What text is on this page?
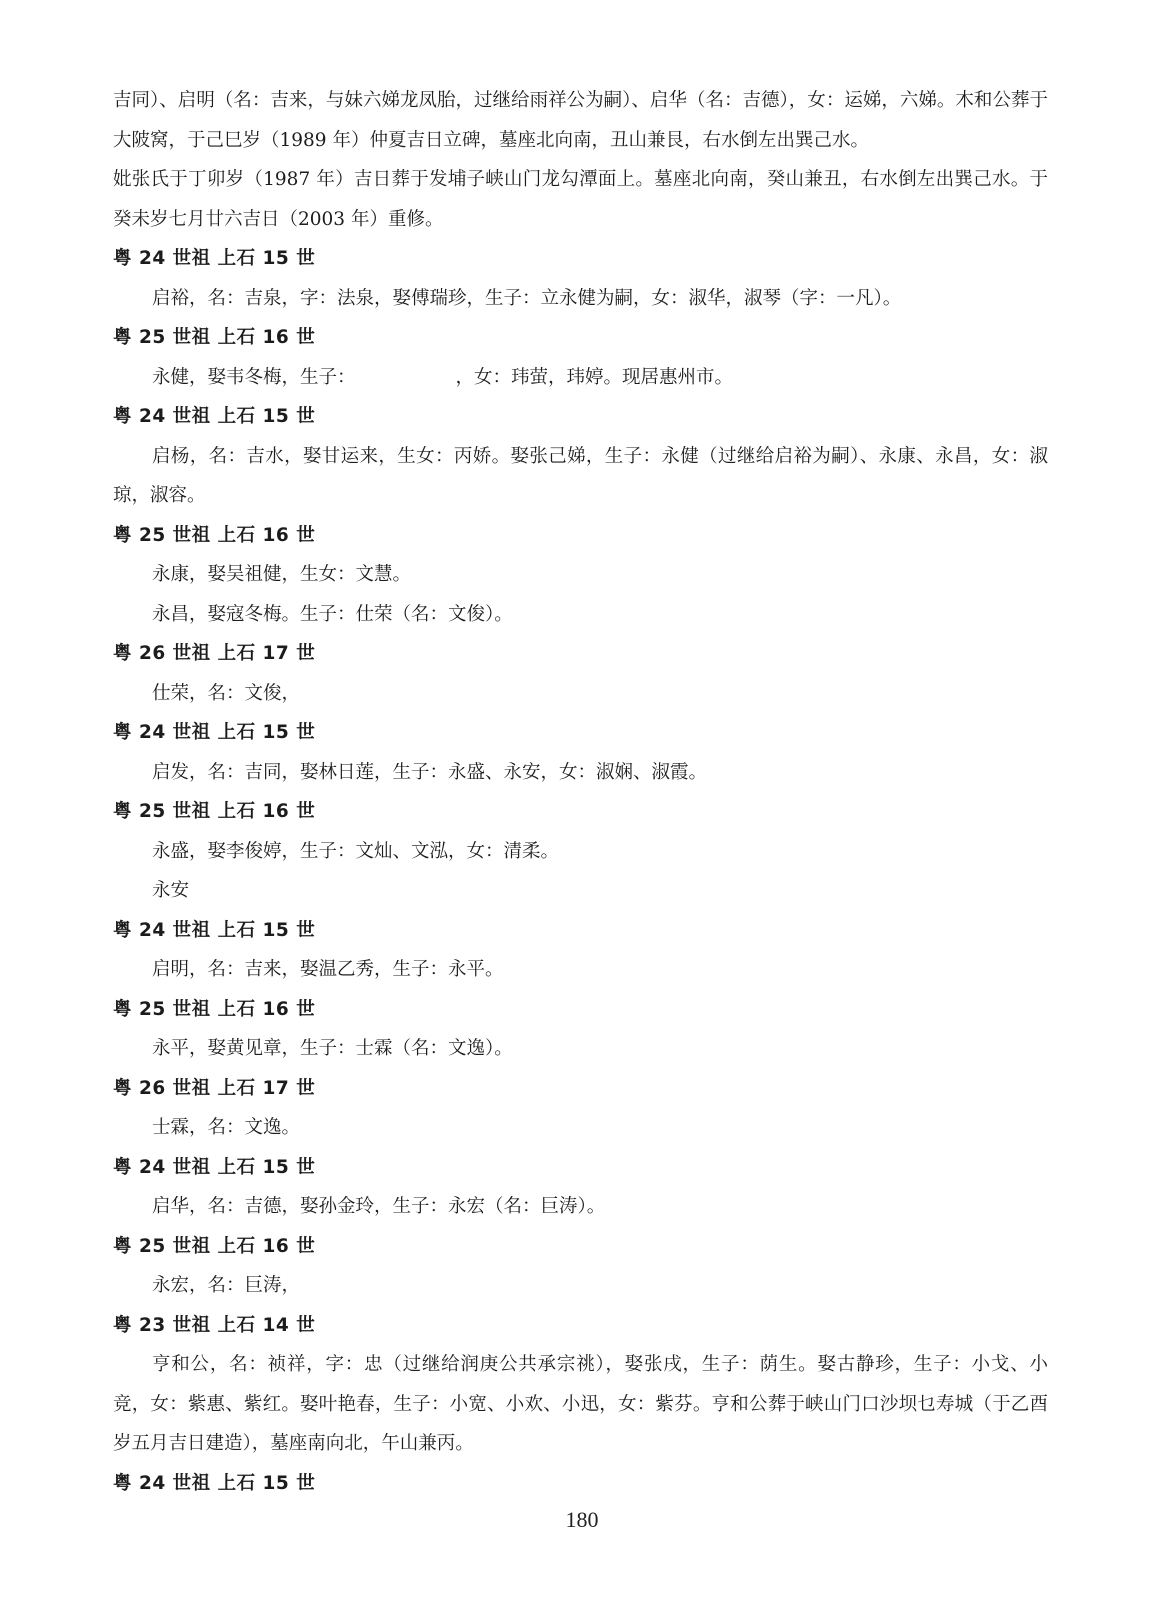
吉同）、启明（名：吉来，与妹六娣龙凤胎，过继给雨祥公为嗣）、启华（名：吉德），女：运娣，六娣。木和公葬于大陂窝，于己巳岁（1989 年）仲夏吉日立碑，墓座北向南，丑山兼艮，右水倒左出巽己水。

妣张氏于丁卯岁（1987 年）吉日葬于发埔子峡山门龙勾潭面上。墓座北向南，癸山兼丑，右水倒左出巽己水。于癸未岁七月廿六吉日（2003 年）重修。

粤 24 世祖 上石 15 世

启裕，名：吉泉，字：法泉，娶傅瑞珍，生子：立永健为嗣，女：淑华，淑琴（字：一凡）。

粤 25 世祖 上石 16 世

永健，娶韦冬梅，生子：	，女：玮萤，玮婷。现居惠州市。

粤 24 世祖 上石 15 世

启杨，名：吉水，娶甘运来，生女：丙娇。娶张己娣，生子：永健（过继给启裕为嗣）、永康、永昌，女：淑琼，淑容。

粤 25 世祖 上石 16 世

永康，娶吴祖健，生女：文慧。

永昌，娶寇冬梅。生子：仕荣（名：文俊）。

粤 26 世祖 上石 17 世

仕荣，名：文俊，

粤 24 世祖 上石 15 世

启发，名：吉同，娶林日莲，生子：永盛、永安，女：淑娴、淑霞。

粤 25 世祖 上石 16 世

永盛，娶李俊婷，生子：文灿、文泓，女：清柔。

永安

粤 24 世祖 上石 15 世

启明，名：吉来，娶温乙秀，生子：永平。

粤 25 世祖 上石 16 世

永平，娶黄见章，生子：士霖（名：文逸）。

粤 26 世祖 上石 17 世

士霖，名：文逸。

粤 24 世祖 上石 15 世

启华，名：吉德，娶孙金玲，生子：永宏（名：巨涛）。

粤 25 世祖 上石 16 世

永宏，名：巨涛，

粤 23 世祖 上石 14 世

亨和公，名：祯祥，字：忠（过继给润庚公共承宗祧），娶张戌，生子：荫生。娶古静珍，生子：小戈、小竞，女：紫惠、紫红。娶叶艳春，生子：小宽、小欢、小迅，女：紫芬。亨和公葬于峡山门口沙坝乜寿城（于乙酉岁五月吉日建造），墓座南向北，午山兼丙。

粤 24 世祖 上石 15 世
180
